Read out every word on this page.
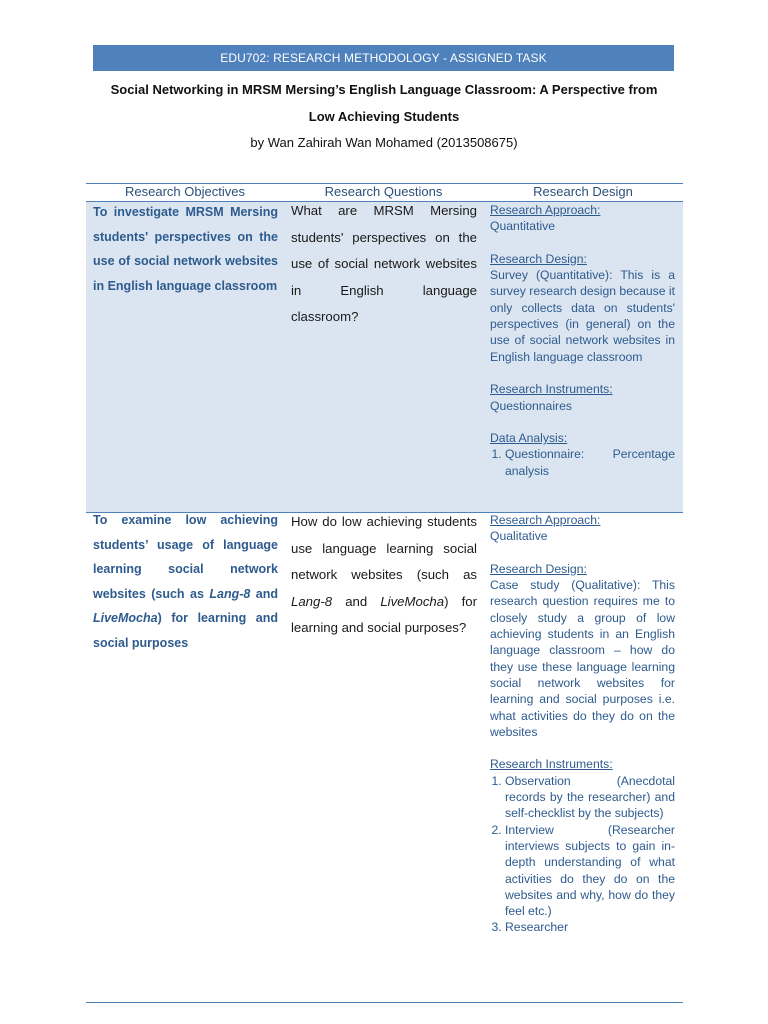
EDU702: RESEARCH METHODOLOGY - ASSIGNED TASK
Social Networking in MRSM Mersing’s English Language Classroom: A Perspective from
Low Achieving Students
by Wan Zahirah Wan Mohamed (2013508675)
Research Objectives	Research Questions	Research Design
To investigate MRSM Mersing students' perspectives on the use of social network websites in English language classroom
What are MRSM Mersing students' perspectives on the use of social network websites in English language classroom?
Research Approach:
Quantitative
Research Design:
Survey (Quantitative): This is a survey research design because it only collects data on students' perspectives (in general) on the use of social network websites in English language classroom
Research Instruments:
Questionnaires
Data Analysis:
1. Questionnaire: Percentage analysis
To examine low achieving students’ usage of language learning social network websites (such as Lang-8 and LiveMocha) for learning and social purposes
How do low achieving students use language learning social network websites (such as Lang-8 and LiveMocha) for learning and social purposes?
Research Approach:
Qualitative
Research Design:
Case study (Qualitative): This research question requires me to closely study a group of low achieving students in an English language classroom – how do they use these language learning social network websites for learning and social purposes i.e. what activities do they do on the websites
Research Instruments:
1. Observation (Anecdotal records by the researcher) and self-checklist by the subjects)
2. Interview (Researcher interviews subjects to gain in-depth understanding of what activities do they do on the websites and why, how do they feel etc.)
3. Researcher
